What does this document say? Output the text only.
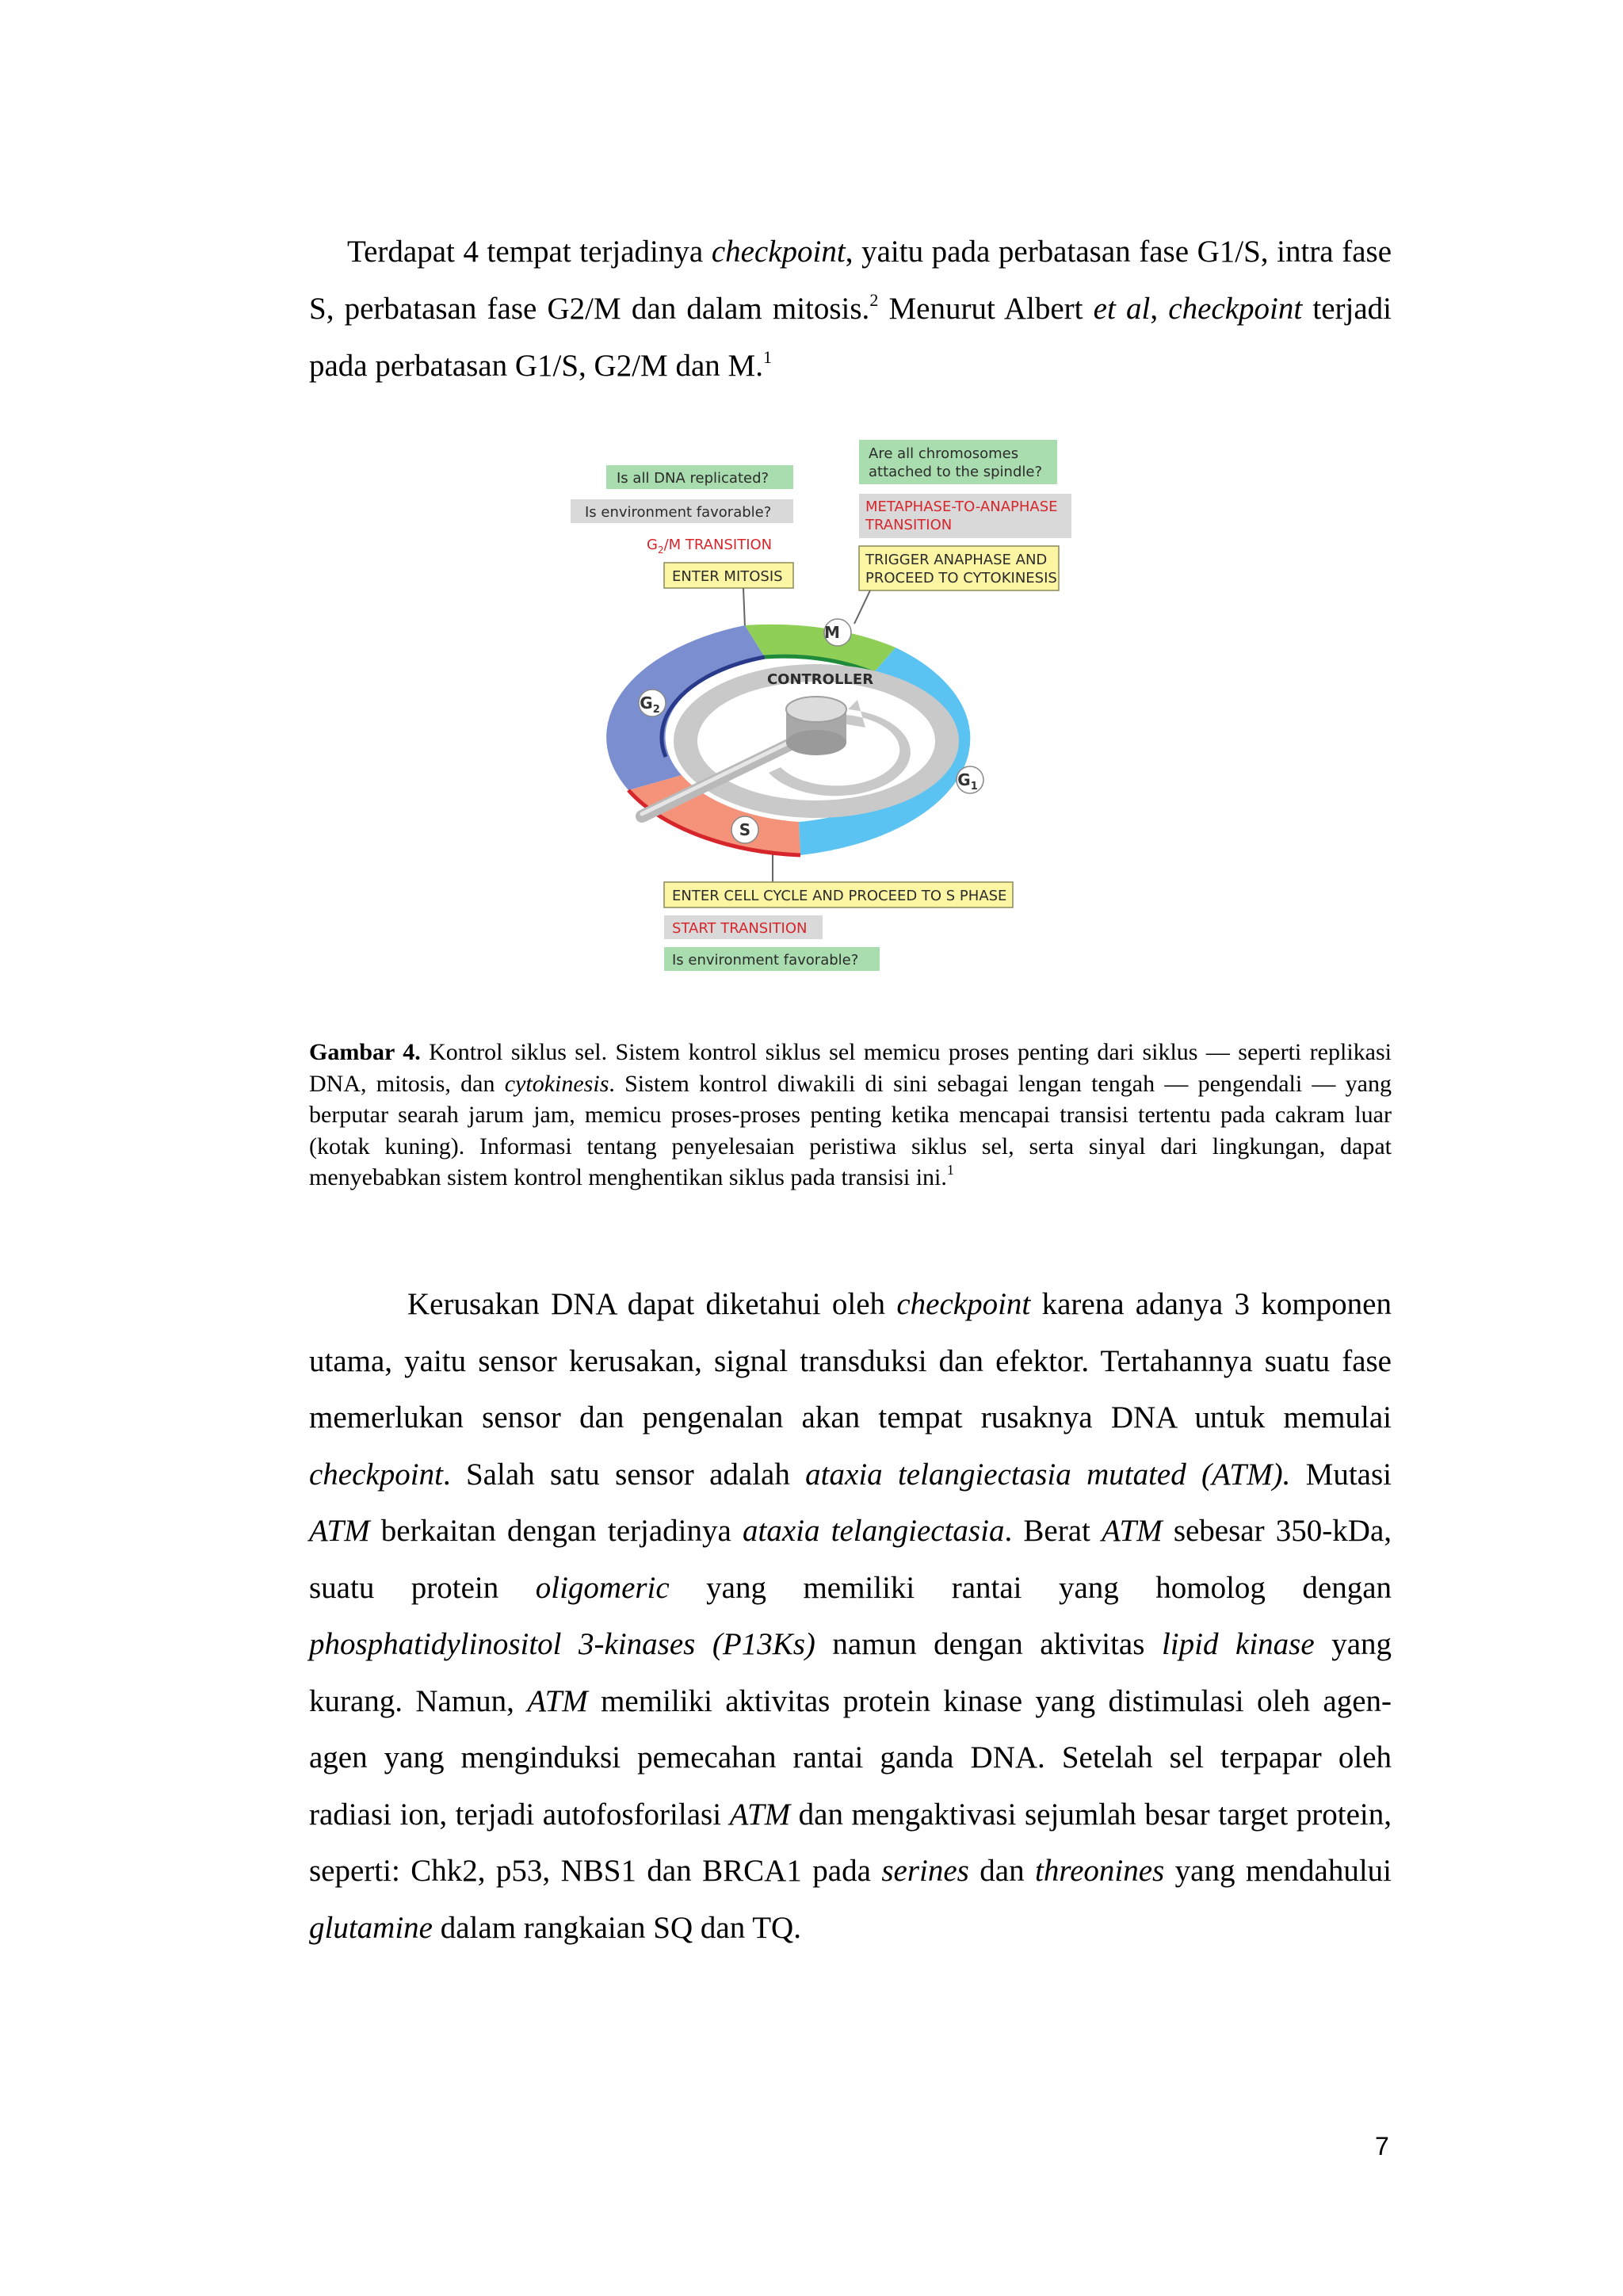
Terdapat 4 tempat terjadinya checkpoint, yaitu pada perbatasan fase G1/S, intra fase S, perbatasan fase G2/M dan dalam mitosis.$^2$ Menurut Albert et al, checkpoint terjadi pada perbatasan G1/S, G2/M dan M.$^1$

Is all DNA replicated?
Is environment favorable?
$G_2/M$ TRANSITION
ENTER MITOSIS
Are all chromosomes
attached to the spindle?
METAPHASE-TO-ANAPHASE
TRANSITION
TRIGGER ANAPHASE AND
PROCEED TO CYTOKINESIS
M
$G_2$
S
$G_1$
CONTROLLER
ENTER CELL CYCLE AND PROCEED TO S PHASE
START TRANSITION
Is environment favorable?

Gambar 4. Kontrol siklus sel. Sistem kontrol siklus sel memicu proses penting dari siklus — seperti replikasi DNA, mitosis, dan cytokinesis. Sistem kontrol diwakili di sini sebagai lengan tengah — pengendali — yang berputar searah jarum jam, memicu proses-proses penting ketika mencapai transisi tertentu pada cakram luar (kotak kuning). Informasi tentang penyelesaian peristiwa siklus sel, serta sinyal dari lingkungan, dapat menyebabkan sistem kontrol menghentikan siklus pada transisi ini.$^1$

Kerusakan DNA dapat diketahui oleh checkpoint karena adanya 3 komponen utama, yaitu sensor kerusakan, signal transduksi dan efektor. Tertahannya suatu fase memerlukan sensor dan pengenalan akan tempat rusaknya DNA untuk memulai checkpoint. Salah satu sensor adalah ataxia telangiectasia mutated (ATM). Mutasi ATM berkaitan dengan terjadinya ataxia telangiectasia. Berat ATM sebesar 350-kDa, suatu protein oligomeric yang memiliki rantai yang homolog dengan phosphatidylinositol 3-kinases (P13Ks) namun dengan aktivitas lipid kinase yang kurang. Namun, ATM memiliki aktivitas protein kinase yang distimulasi oleh agen-agen yang menginduksi pemecahan rantai ganda DNA. Setelah sel terpapar oleh radiasi ion, terjadi autofosforilasi ATM dan mengaktivasi sejumlah besar target protein, seperti: Chk2, p53, NBS1 dan BRCA1 pada serines dan threonines yang mendahului glutamine dalam rangkaian SQ dan TQ.

7
